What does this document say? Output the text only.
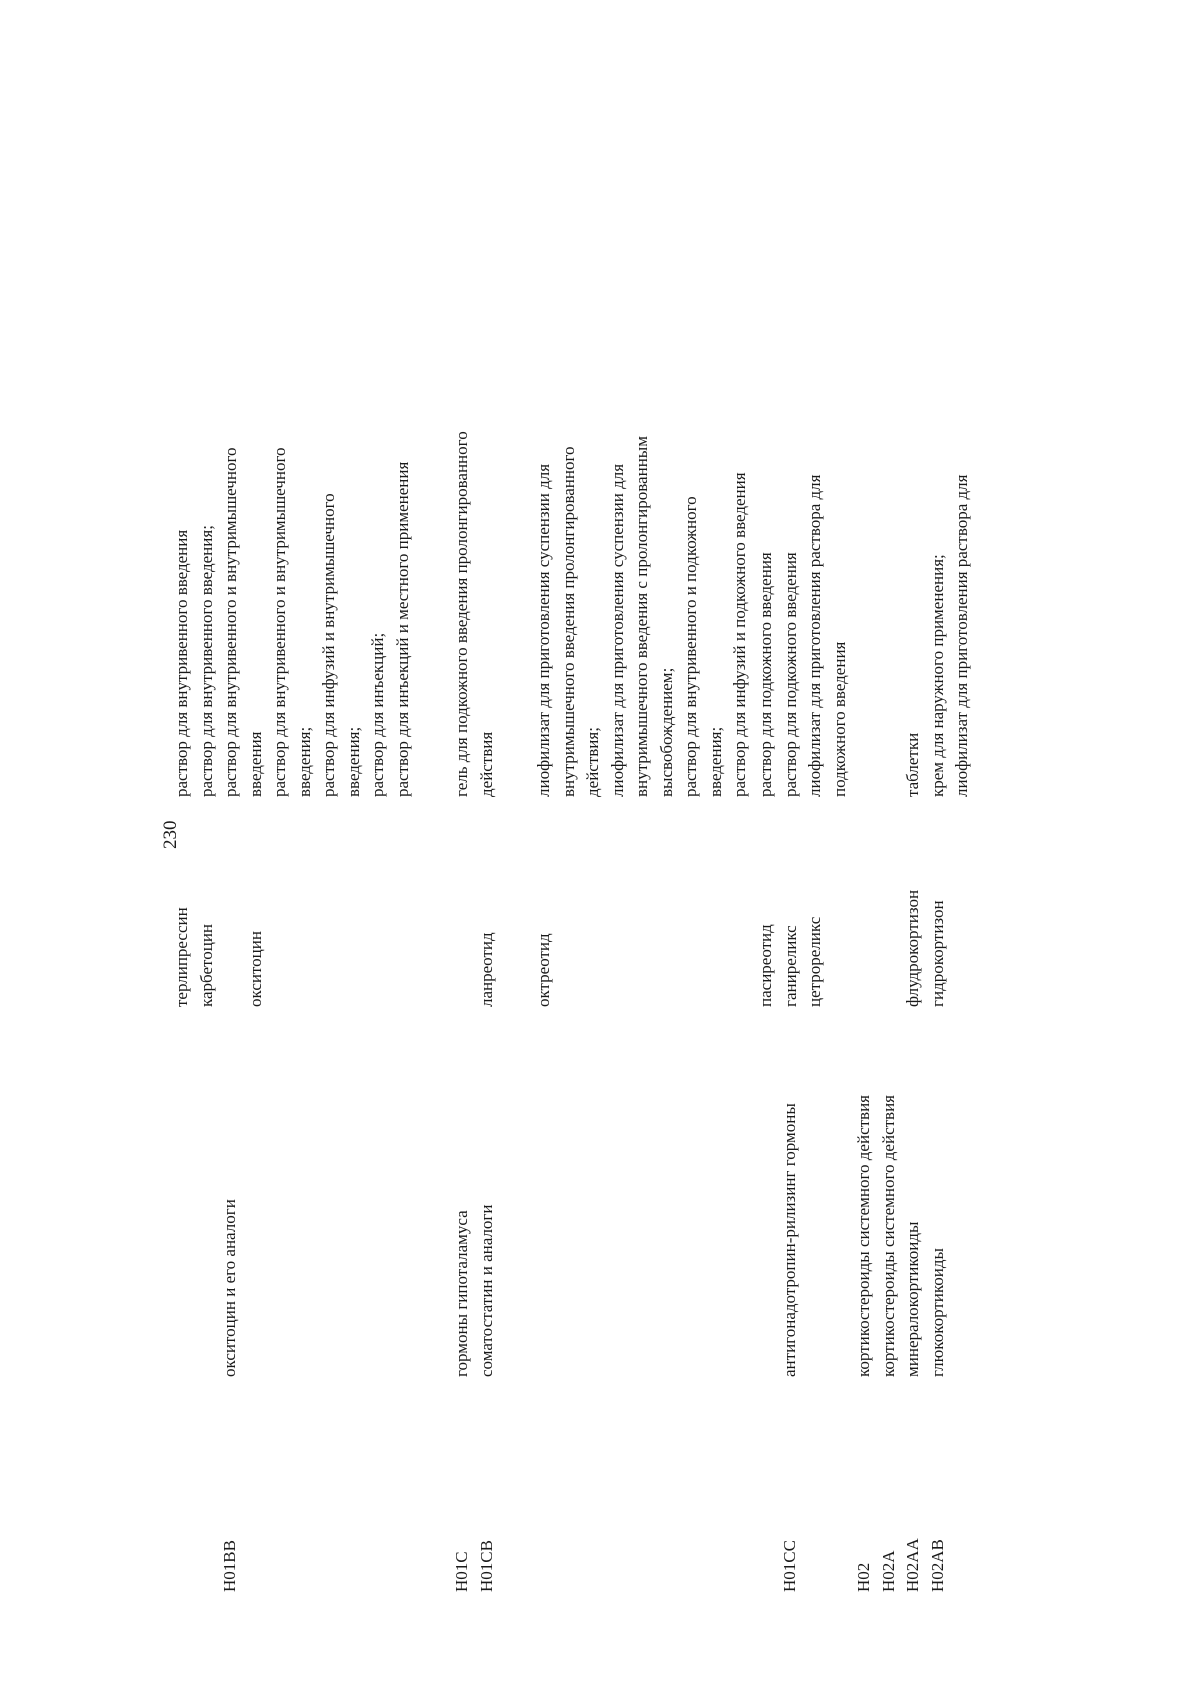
230
H01BB
окситоцин и его аналоги
терлипрессин карбетоцин окситоцин
раствор для внутривенного введения раствор для внутривенного введения; раствор для внутривенного и внутримышечного введения раствор для внутривенного и внутримышечного введения; раствор для инфузий и внутримышечного введения; раствор для инъекций; раствор для инъекций и местного применения
H01C H01CB
гормоны гипоталамуса соматостатин и аналоги
ланреотид
гель для подкожного введения пролонгированного действия
октреотид
лиофилизат для приготовления суспензии для внутримышечного введения пролонгированного действия; лиофилизат для приготовления суспензии для внутримышечного введения с пролонгированным высвобождением; раствор для внутривенного и подкожного введения; раствор для инфузий и подкожного введения
H01CC
антигонадотропин-рилизинг гормоны
пасиреотид ганиреликс цетрореликс
раствор для подкожного введения раствор для подкожного введения лиофилизат для приготовления раствора для подкожного введения
H02 H02A H02AA H02AB
кортикостероиды системного действия кортикостероиды системного действия минералокортикоиды глюкокортикоиды
флудрокортизон гидрокортизон
таблетки крем для наружного применения; лиофилизат для приготовления раствора для
